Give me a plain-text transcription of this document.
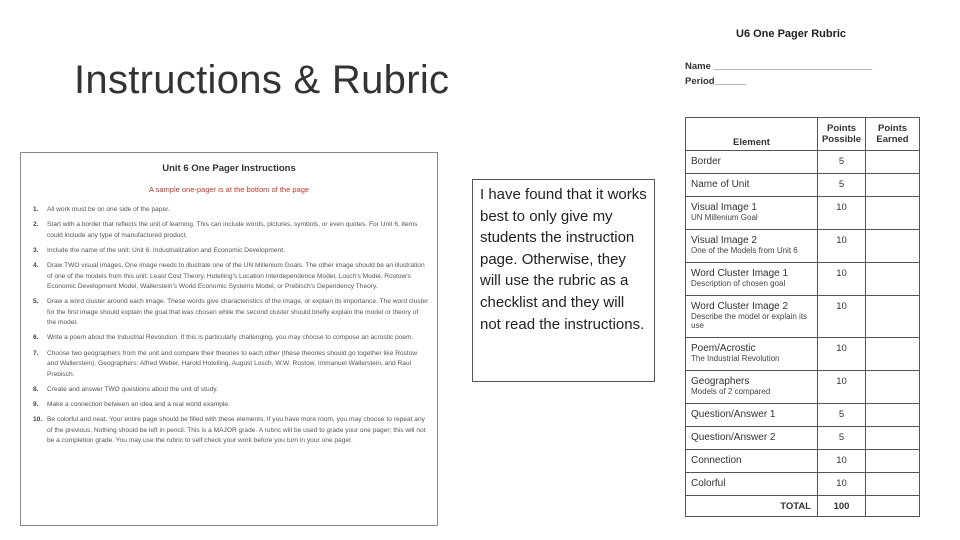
Instructions & Rubric
Unit 6 One Pager Instructions
A sample one-pager is at the bottom of the page
1.	All work must be on one side of the paper.
2.	Start with a border that reflects the unit of learning. This can include words, pictures, symbols, or even quotes. For Unit 6, items could include any type of manufactured product.
3.	Include the name of the unit: Unit 6: Industrialization and Economic Development.
4.	Draw TWO visual images. One image needs to illustrate one of the UN Millenium Goals. The other image should be an illustration of one of the models from this unit: Least Cost Theory, Hotelling's Location Interdependence Model, Losch's Model, Rostow's Economic Development Model, Wallerstein's World Economic Systems Model, or Prebisch's Dependency Theory.
5.	Draw a word cluster around each image. These words give characteristics of the image, or explain its importance. The word cluster for the first image should explain the goal that was chosen while the second cluster should briefly explain the model or theory of the model.
6.	Write a poem about the Industrial Revolution. If this is particularly challenging, you may choose to compose an acrostic poem.
7.	Choose two geographers from the unit and compare their theories to each other (these theories should go together like Rostow and Wallerstein). Geographers: Alfred Weber, Harold Hotelling, August Losch, W.W. Rostow, Immanuel Wallerstein, and Raul Prebisch.
8.	Create and answer TWO questions about the unit of study.
9.	Make a connection between an idea and a real world example.
10. Be colorful and neat. Your entire page should be filled with these elements. If you have more room, you may choose to repeat any of the previous. Nothing should be left in pencil. This is a MAJOR grade. A rubric will be used to grade your one pager; this will not be a completion grade. You may use the rubric to self check your work before you turn in your one pager.
I have found that it works best to only give my students the instruction page. Otherwise, they will use the rubric as a checklist and they will not read the instructions.
U6 One Pager Rubric
Name ______________________________
Period______
Element	Points Possible	Points Earned

Border	5	

Name of Unit	5	

Visual Image 1
UN Millenium Goal	10	

Visual Image 2
One of the Models from Unit 6	10	

Word Cluster Image 1
Description of chosen goal	10	

Word Cluster Image 2
Describe the model or explain its use	10	

Poem/Acrostic
The Industrial Revolution	10	

Geographers
Models of 2 compared	10	

Question/Answer 1	5	

Question/Answer 2	5	

Connection	10	

Colorful	10	
TOTAL	100	
